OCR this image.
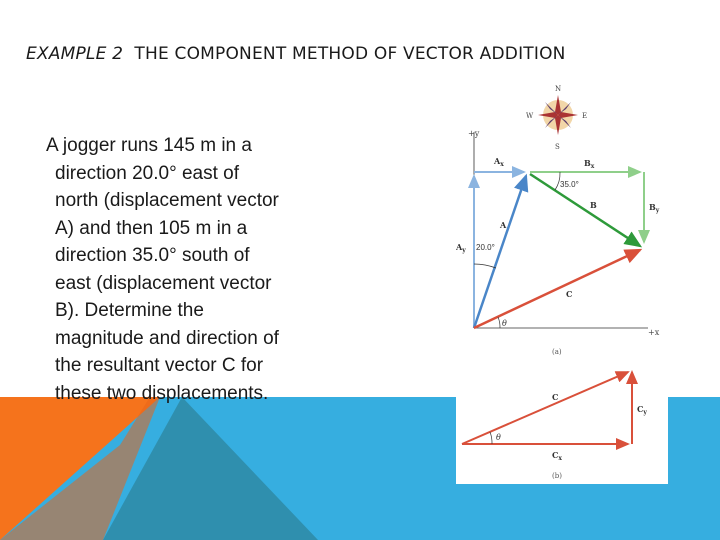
EXAMPLE 2 THE COMPONENT METHOD OF VECTOR ADDITION

A jogger runs 145 m in a
direction 20.0° east of
north (displacement vector
A) and then 105 m in a
direction 35.0° south of
east (displacement vector
B). Determine the
magnitude and direction of
the resultant vector C for
these two displacements.

N
S
E
W
+y
+x
$A_x$
$A_y$
$B_x$
$B_y$
A
B
C
20.0°
35.0°
θ
(a)
C
$C_x$
$C_y$
θ
(b)
